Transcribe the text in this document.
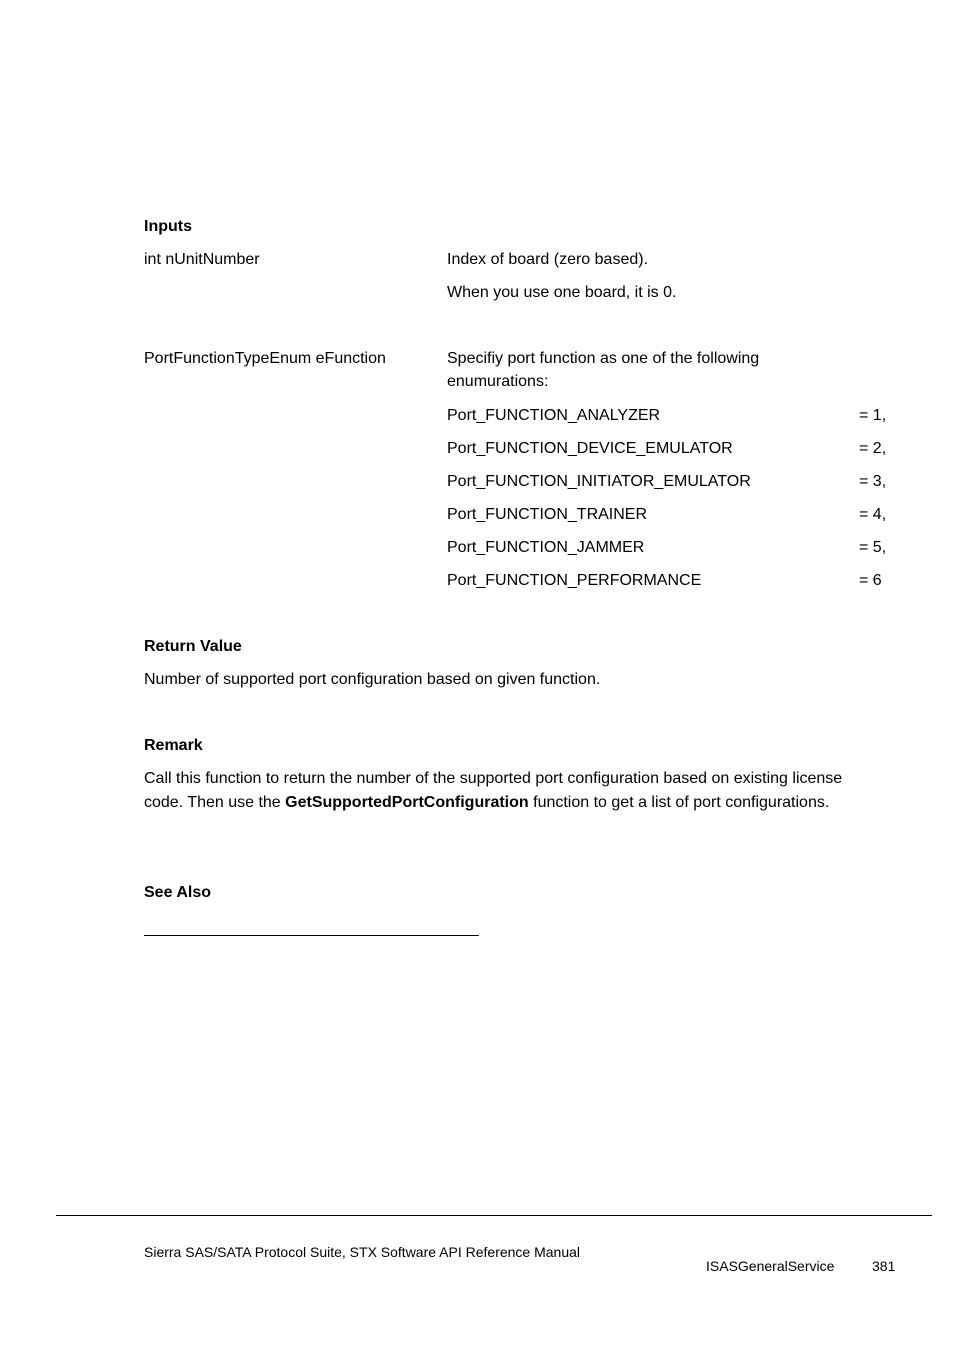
Inputs
int nUnitNumber	Index of board (zero based).
When you use one board, it is 0.
PortFunctionTypeEnum eFunction	Specifiy port function as one of the following
enumurations:
Port_FUNCTION_ANALYZER	= 1,
Port_FUNCTION_DEVICE_EMULATOR	= 2,
Port_FUNCTION_INITIATOR_EMULATOR	= 3,
Port_FUNCTION_TRAINER	= 4,
Port_FUNCTION_JAMMER	= 5,
Port_FUNCTION_PERFORMANCE	= 6
Return Value
Number of supported port configuration based on given function.
Remark
Call this function to return the number of the supported port configuration based on existing license code. Then use the GetSupportedPortConfiguration function to get a list of port configurations.
See Also
Sierra SAS/SATA Protocol Suite, STX Software API Reference Manual
ISASGeneralService	381
